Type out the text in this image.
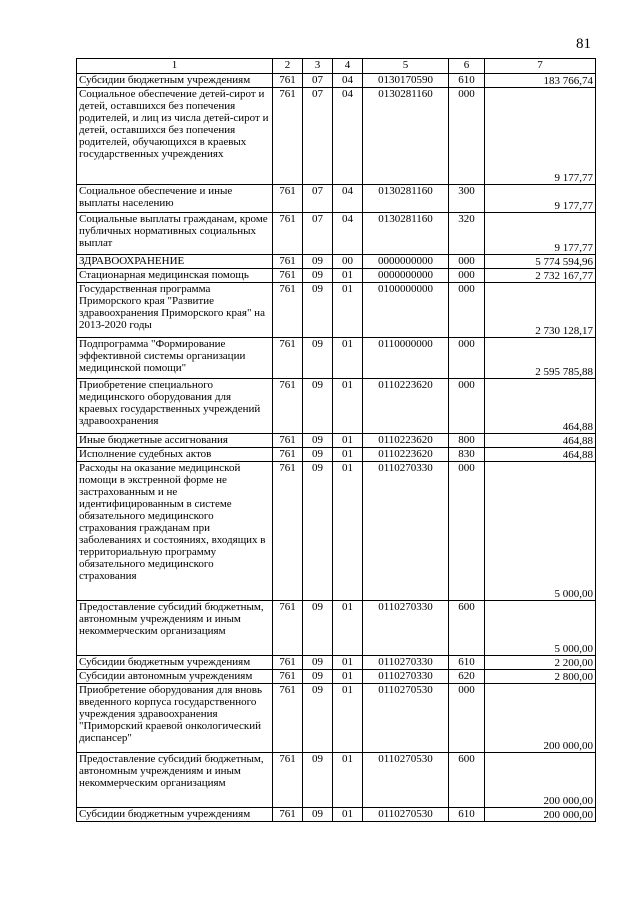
81
1	2	3	4	5	6	7
Субсидии бюджетным учреждениям	761	07	04	0130170590	610	183 766,74
Социальное обеспечение детей-сирот и детей, оставшихся без попечения родителей, и лиц из числа детей-сирот и детей, оставшихся без попечения родителей, обучающихся в краевых государственных учреждениях	761	07	04	0130281160	000	9 177,77
Социальное обеспечение и иные выплаты населению	761	07	04	0130281160	300	9 177,77
Социальные выплаты гражданам, кроме публичных нормативных социальных выплат	761	07	04	0130281160	320	9 177,77
ЗДРАВООХРАНЕНИЕ	761	09	00	0000000000	000	5 774 594,96
Стационарная медицинская помощь	761	09	01	0000000000	000	2 732 167,77
Государственная программа Приморского края "Развитие здравоохранения Приморского края" на 2013-2020 годы	761	09	01	0100000000	000	2 730 128,17
Подпрограмма "Формирование эффективной системы организации медицинской помощи"	761	09	01	0110000000	000	2 595 785,88
Приобретение специального медицинского оборудования для краевых государственных учреждений здравоохранения	761	09	01	0110223620	000	464,88
Иные бюджетные ассигнования	761	09	01	0110223620	800	464,88
Исполнение судебных актов	761	09	01	0110223620	830	464,88
Расходы на оказание медицинской помощи в экстренной форме не застрахованным и не идентифицированным в системе обязательного медицинского страхования гражданам при заболеваниях и состояниях, входящих в территориальную программу обязательного медицинского страхования	761	09	01	0110270330	000	5 000,00
Предоставление субсидий бюджетным, автономным учреждениям и иным некоммерческим организациям	761	09	01	0110270330	600	5 000,00
Субсидии бюджетным учреждениям	761	09	01	0110270330	610	2 200,00
Субсидии автономным учреждениям	761	09	01	0110270330	620	2 800,00
Приобретение оборудования для вновь введенного корпуса государственного учреждения здравоохранения "Приморский краевой онкологический диспансер"	761	09	01	0110270530	000	200 000,00
Предоставление субсидий бюджетным, автономным учреждениям и иным некоммерческим организациям	761	09	01	0110270530	600	200 000,00
Субсидии бюджетным учреждениям	761	09	01	0110270530	610	200 000,00
